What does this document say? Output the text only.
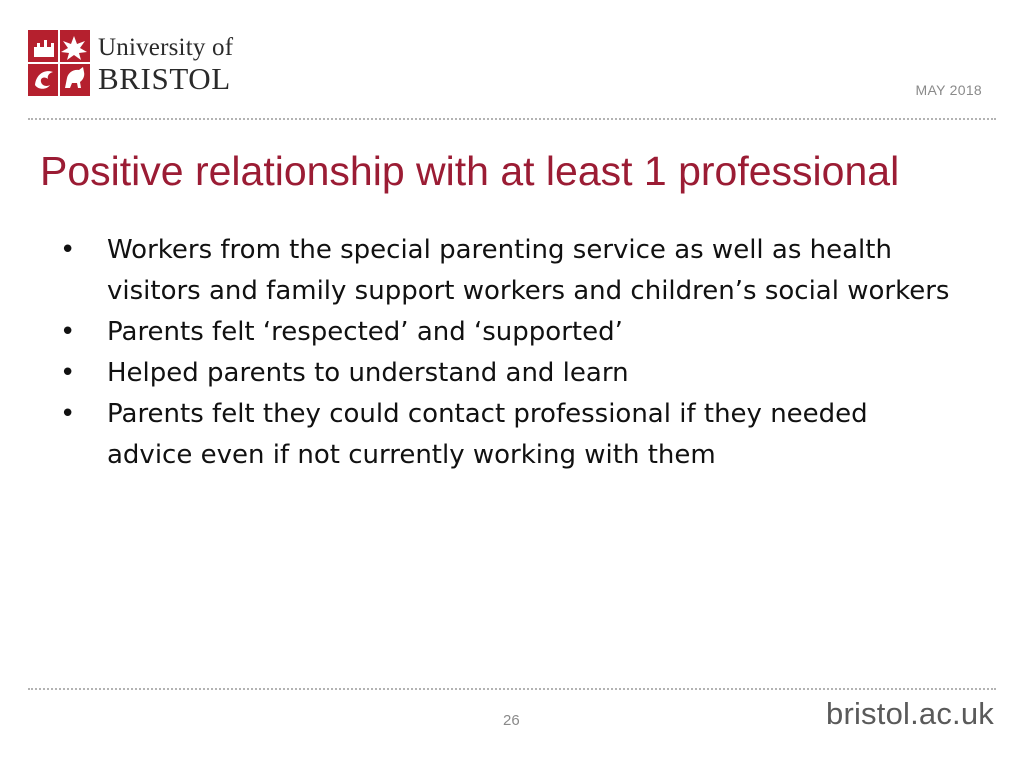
University of
BRISTOL	MAY 2018
Positive relationship with at least 1 professional
• Workers from the special parenting service as well as health visitors and family support workers and children’s social workers
• Parents felt ‘respected’ and ‘supported’
• Helped parents to understand and learn
• Parents felt they could contact professional if they needed advice even if not currently working with them
26	bristol.ac.uk
